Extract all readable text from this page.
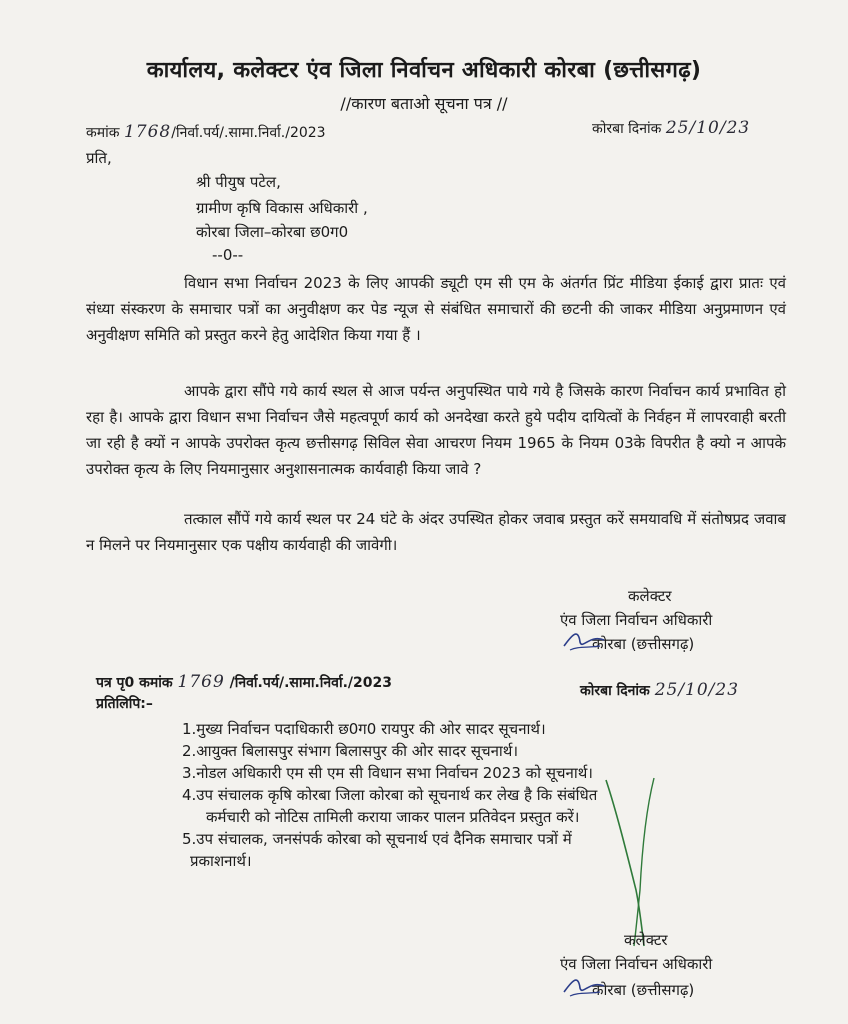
कार्यालय, कलेक्टर एंव जिला निर्वाचन अधिकारी कोरबा (छत्तीसगढ़)
//कारण बताओ सूचना पत्र //
कमांक 1768/निर्वा.पर्य/.सामा.निर्वा./2023	कोरबा दिनांक 25/10/23
प्रति,
श्री पीयुष पटेल,
ग्रामीण कृषि विकास अधिकारी ,
कोरबा जिला–कोरबा छ0ग0
--0--
विधान सभा निर्वाचन 2023 के लिए आपकी ड्यूटी एम सी एम के अंतर्गत प्रिंट मीडिया ईकाई द्वारा प्रातः एवं संध्या संस्करण के समाचार पत्रों का अनुवीक्षण कर पेड न्यूज से संबंधित समाचारों की छटनी की जाकर मीडिया अनुप्रमाणन एवं अनुवीक्षण समिति को प्रस्तुत करने हेतु आदेशित किया गया हैं ।
आपके द्वारा सौंपे गये कार्य स्थल से आज पर्यन्त अनुपस्थित पाये गये है जिसके कारण निर्वाचन कार्य प्रभावित हो रहा है। आपके द्वारा विधान सभा निर्वाचन जैसे महत्वपूर्ण कार्य को अनदेखा करते हुये पदीय दायित्वों के निर्वहन में लापरवाही बरती जा रही है क्यों न आपके उपरोक्त कृत्य छत्तीसगढ़ सिविल सेवा आचरण नियम 1965 के नियम 03के विपरीत है क्यो न आपके उपरोक्त कृत्य के लिए नियमानुसार अनुशासनात्मक कार्यवाही किया जावे ?
तत्काल सौंपें गये कार्य स्थल पर 24 घंटे के अंदर उपस्थित होकर जवाब प्रस्तुत करें समयावधि में संतोषप्रद जवाब न मिलने पर नियमानुसार एक पक्षीय कार्यवाही की जावेगी।
कलेक्टर
एंव जिला निर्वाचन अधिकारी
कोरबा (छत्तीसगढ़)
पत्र पृ0 कमांक 1769 /निर्वा.पर्य/.सामा.निर्वा./2023	कोरबा दिनांक 25/10/23
प्रतिलिपि:–
1.मुख्य निर्वाचन पदाधिकारी छ0ग0 रायपुर की ओर सादर सूचनार्थ।
2.आयुक्त बिलासपुर संभाग बिलासपुर की ओर सादर सूचनार्थ।
3.नोडल अधिकारी एम सी एम सी विधान सभा निर्वाचन 2023 को सूचनार्थ।
4.उप संचालक कृषि कोरबा जिला कोरबा को सूचनार्थ कर लेख है कि संबंधित
कर्मचारी को नोटिस तामिली कराया जाकर पालन प्रतिवेदन प्रस्तुत करें।
5.उप संचालक, जनसंपर्क कोरबा को सूचनार्थ एवं दैनिक समाचार पत्रों में
प्रकाशनार्थ।
कलेक्टर
एंव जिला निर्वाचन अधिकारी
कोरबा (छत्तीसगढ़)
